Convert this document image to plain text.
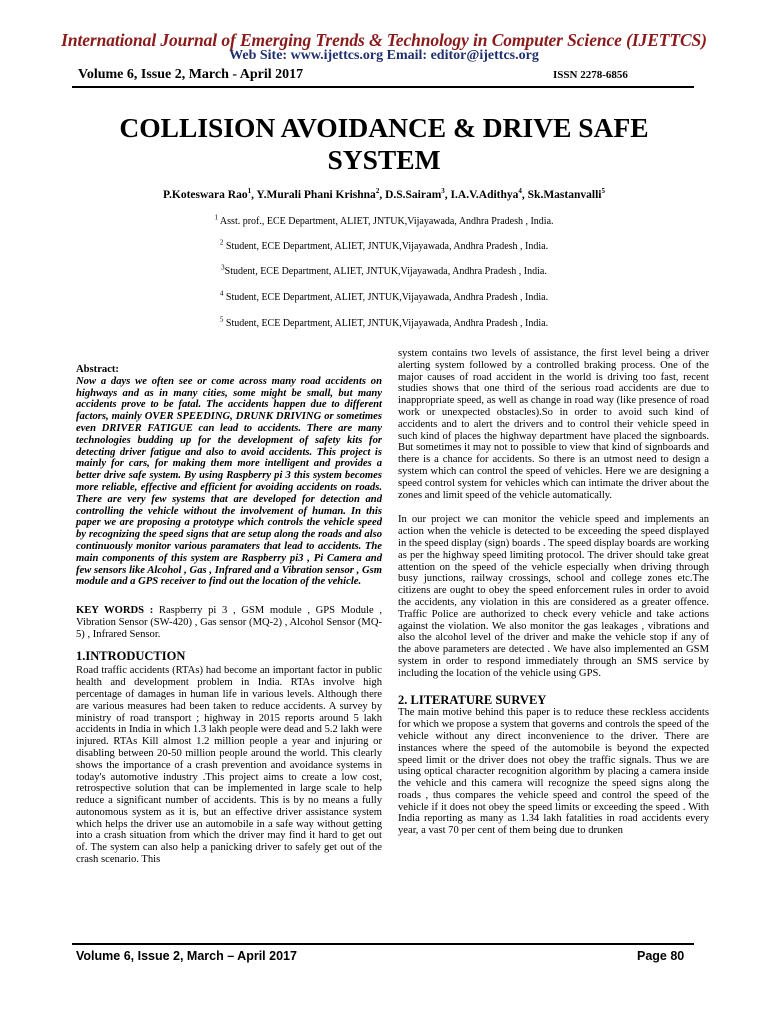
International Journal of Emerging Trends & Technology in Computer Science (IJETTCS)
Web Site: www.ijettcs.org Email: editor@ijettcs.org
Volume 6, Issue 2, March - April 2017	ISSN 2278-6856
COLLISION AVOIDANCE & DRIVE SAFE
SYSTEM
P.Koteswara Rao$^1$, Y.Murali Phani Krishna$^2$, D.S.Sairam$^3$, I.A.V.Adithya$^4$, Sk.Mastanvalli$^5$
$^1$ Asst. prof., ECE Department, ALIET, JNTUK,Vijayawada, Andhra Pradesh , India.
$^2$ Student, ECE Department, ALIET, JNTUK,Vijayawada, Andhra Pradesh , India.
$^3$Student, ECE Department, ALIET, JNTUK,Vijayawada, Andhra Pradesh , India.
$^4$ Student, ECE Department, ALIET, JNTUK,Vijayawada, Andhra Pradesh , India.
$^5$ Student, ECE Department, ALIET, JNTUK,Vijayawada, Andhra Pradesh , India.

Abstract:
Now a days we often see or come across many road accidents on highways and as in many cities, some might be small, but many accidents prove to be fatal. The accidents happen due to different factors, mainly OVER SPEEDING, DRUNK DRIVING or sometimes even DRIVER FATIGUE can lead to accidents. There are many technologies budding up for the development of safety kits for detecting driver fatigue and also to avoid accidents. This project is mainly for cars, for making them more intelligent and provides a better drive safe system. By using Raspberry pi 3 this system becomes more reliable, effective and efficient for avoiding accidents on roads. There are very few systems that are developed for detection and controlling the vehicle without the involvement of human. In this paper we are proposing a prototype which controls the vehicle speed by recognizing the speed signs that are setup along the roads and also continuously monitor various paramaters that lead to accidents. The main components of this system are Raspberry pi3 , Pi Camera and few sensors like Alcohol , Gas , Infrared and a Vibration sensor , Gsm module and a GPS receiver to find out the location of the vehicle.

KEY WORDS : Raspberry pi 3 , GSM module , GPS Module , Vibration Sensor (SW-420) , Gas sensor (MQ-2) , Alcohol Sensor (MQ-5) , Infrared Sensor.

1.INTRODUCTION

Road traffic accidents (RTAs) had become an important factor in public health and development problem in India. RTAs involve high percentage of damages in human life in various levels. Although there are various measures had been taken to reduce accidents. A survey by ministry of road transport ; highway in 2015 reports around 5 lakh accidents in India in which 1.3 lakh people were dead and 5.2 lakh were injured. RTAs Kill almost 1.2 million people a year and injuring or disabling between 20-50 million people around the world. This clearly shows the importance of a crash prevention and avoidance systems in today's automotive industry .This project aims to create a low cost, retrospective solution that can be implemented in large scale to help reduce a significant number of accidents. This is by no means a fully autonomous system as it is, but an effective driver assistance system which helps the driver use an automobile in a safe way without getting into a crash situation from which the driver may find it hard to get out of. The system can also help a panicking driver to safely get out of the crash scenario. This

system contains two levels of assistance, the first level being a driver alerting system followed by a controlled braking process. One of the major causes of road accident in the world is driving too fast, recent studies shows that one third of the serious road accidents are due to inappropriate speed, as well as change in road way (like presence of road work or unexpected obstacles).So in order to avoid such kind of accidents and to alert the drivers and to control their vehicle speed in such kind of places the highway department have placed the signboards. But sometimes it may not to possible to view that kind of signboards and there is a chance for accidents. So there is an utmost need to design a system which can control the speed of vehicles. Here we are designing a speed control system for vehicles which can intimate the driver about the zones and limit speed of the vehicle automatically.

In our project we can monitor the vehicle speed and implements an action when the vehicle is detected to be exceeding the speed displayed in the speed display (sign) boards . The speed display boards are working as per the highway speed limiting protocol. The driver should take great attention on the speed of the vehicle especially when driving through busy junctions, railway crossings, school and college zones etc.The citizens are ought to obey the speed enforcement rules in order to avoid the accidents, any violation in this are considered as a greater offence. Traffic Police are authorized to check every vehicle and take actions against the violation. We also monitor the gas leakages , vibrations and also the alcohol level of the driver and make the vehicle stop if any of the above parameters are detected . We have also implemented an GSM system in order to respond immediately through an SMS service by including the location of the vehicle using GPS.

2. LITERATURE SURVEY

The main motive behind this paper is to reduce these reckless accidents for which we propose a system that governs and controls the speed of the vehicle without any direct inconvenience to the driver. There are instances where the speed of the automobile is beyond the expected speed limit or the driver does not obey the traffic signals. Thus we are using optical character recognition algorithm by placing a camera inside the vehicle and this camera will recognize the speed signs along the roads , thus compares the vehicle speed and control the speed of the vehicle if it does not obey the speed limits or exceeding the speed . With India reporting as many as 1.34 lakh fatalities in road accidents every year, a vast 70 per cent of them being due to drunken

Volume 6, Issue 2, March – April 2017	Page 80
